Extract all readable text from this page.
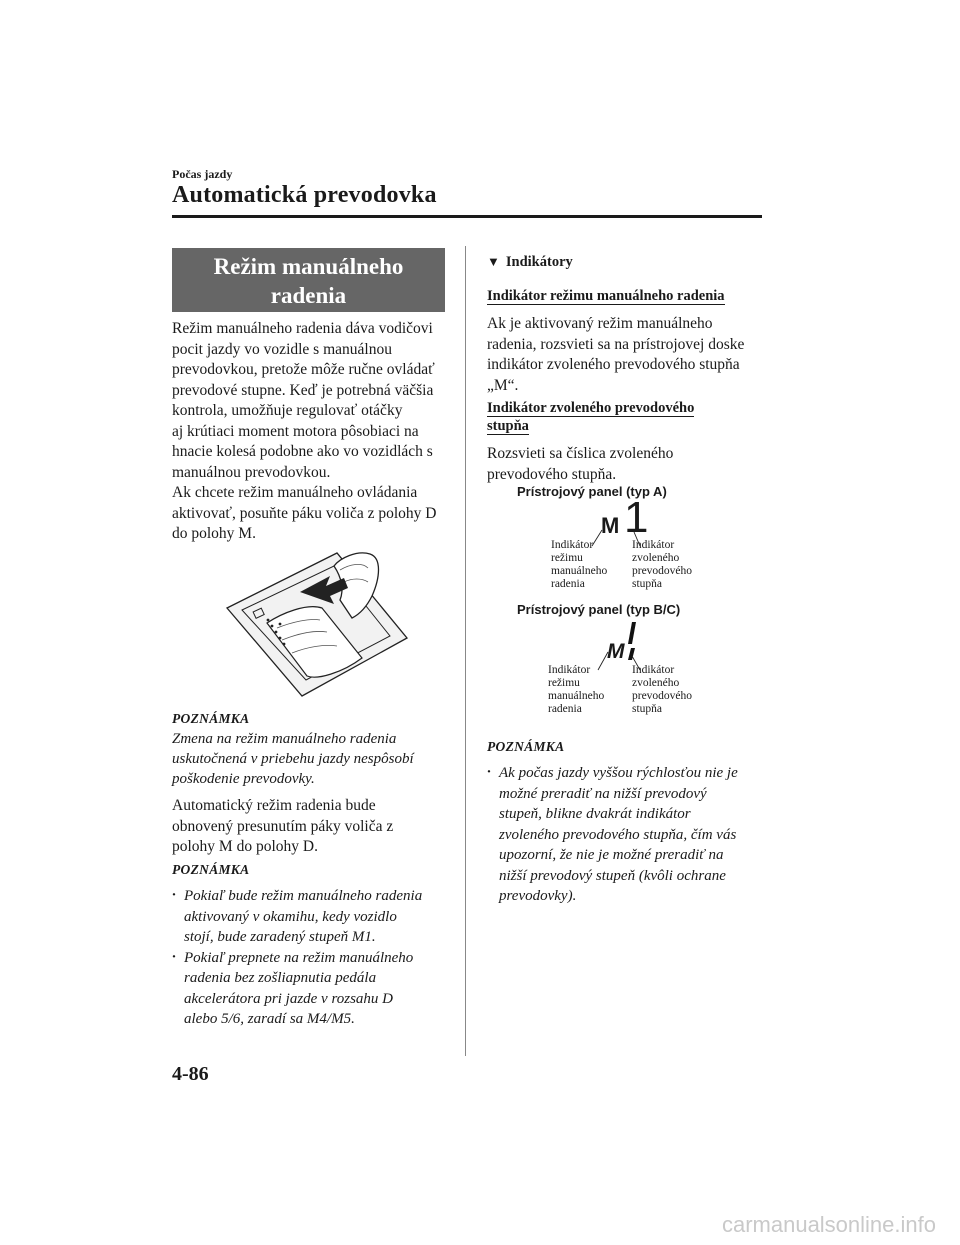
Počas jazdy
Automatická prevodovka
Režim manuálneho
radenia
Režim manuálneho radenia dáva vodičovi
pocit jazdy vo vozidle s manuálnou
prevodovkou, pretože môže ručne ovládať
prevodové stupne. Keď je potrebná väčšia
kontrola, umožňuje regulovať otáčky
aj krútiaci moment motora pôsobiaci na
hnacie kolesá podobne ako vo vozidlách s
manuálnou prevodovkou.
Ak chcete režim manuálneho ovládania
aktivovať, posuňte páku voliča z polohy D
do polohy M.
POZNÁMKA
Zmena na režim manuálneho radenia
uskutočnená v priebehu jazdy nespôsobí
poškodenie prevodovky.
Automatický režim radenia bude
obnovený presunutím páky voliča z
polohy M do polohy D.
POZNÁMKA
· Pokiaľ bude režim manuálneho radenia
aktivovaný v okamihu, kedy vozidlo
stojí, bude zaradený stupeň M1.
· Pokiaľ prepnete na režim manuálneho
radenia bez zošliapnutia pedála
akcelerátora pri jazde v rozsahu D
alebo 5/6, zaradí sa M4/M5.
▼ Indikátory
Indikátor režimu manuálneho radenia
Ak je aktivovaný režim manuálneho
radenia, rozsvieti sa na prístrojovej doske
indikátor zvoleného prevodového stupňa
„M“.
Indikátor zvoleného prevodového
stupňa
Rozsvieti sa číslica zvoleného
prevodového stupňa.
Prístrojový panel (typ A)
M 1
Indikátor
režimu
manuálneho
radenia
Indikátor
zvoleného
prevodového
stupňa
Prístrojový panel (typ B/C)
M
Indikátor
režimu
manuálneho
radenia
Indikátor
zvoleného
prevodového
stupňa
POZNÁMKA
· Ak počas jazdy vyššou rýchlosťou nie je
možné preradiť na nižší prevodový
stupeň, blikne dvakrát indikátor
zvoleného prevodového stupňa, čím vás
upozorní, že nie je možné preradiť na
nižší prevodový stupeň (kvôli ochrane
prevodovky).
4-86
carmanualsonline.info
